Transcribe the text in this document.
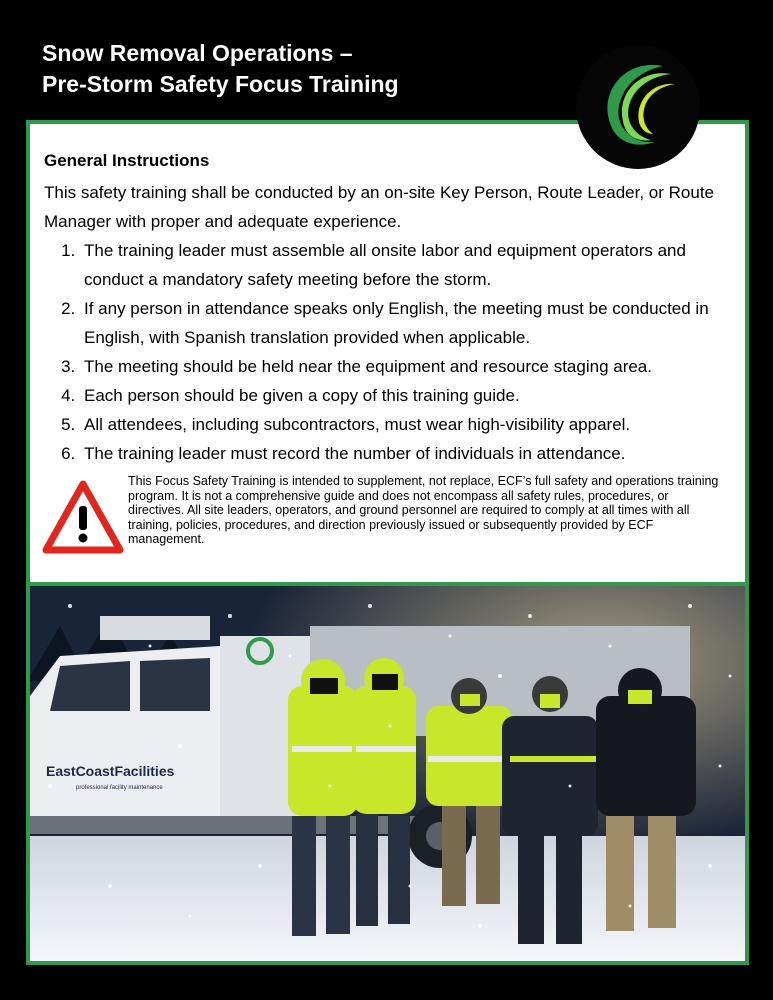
Snow Removal Operations –
Pre-Storm Safety Focus Training
General Instructions

This safety training shall be conducted by an on-site Key Person, Route Leader, or Route Manager with proper and adequate experience.

1. The training leader must assemble all onsite labor and equipment operators and conduct a mandatory safety meeting before the storm.
2. If any person in attendance speaks only English, the meeting must be conducted in English, with Spanish translation provided when applicable.
3. The meeting should be held near the equipment and resource staging area.
4. Each person should be given a copy of this training guide.
5. All attendees, including subcontractors, must wear high-visibility apparel.
6. The training leader must record the number of individuals in attendance.

This Focus Safety Training is intended to supplement, not replace, ECF’s full safety and operations training program. It is not a comprehensive guide and does not encompass all safety rules, procedures, or directives. All site leaders, operators, and ground personnel are required to comply at all times with all training, policies, procedures, and direction previously issued or subsequently provided by ECF management.

EastCoastFacilities
professional facility maintenance
